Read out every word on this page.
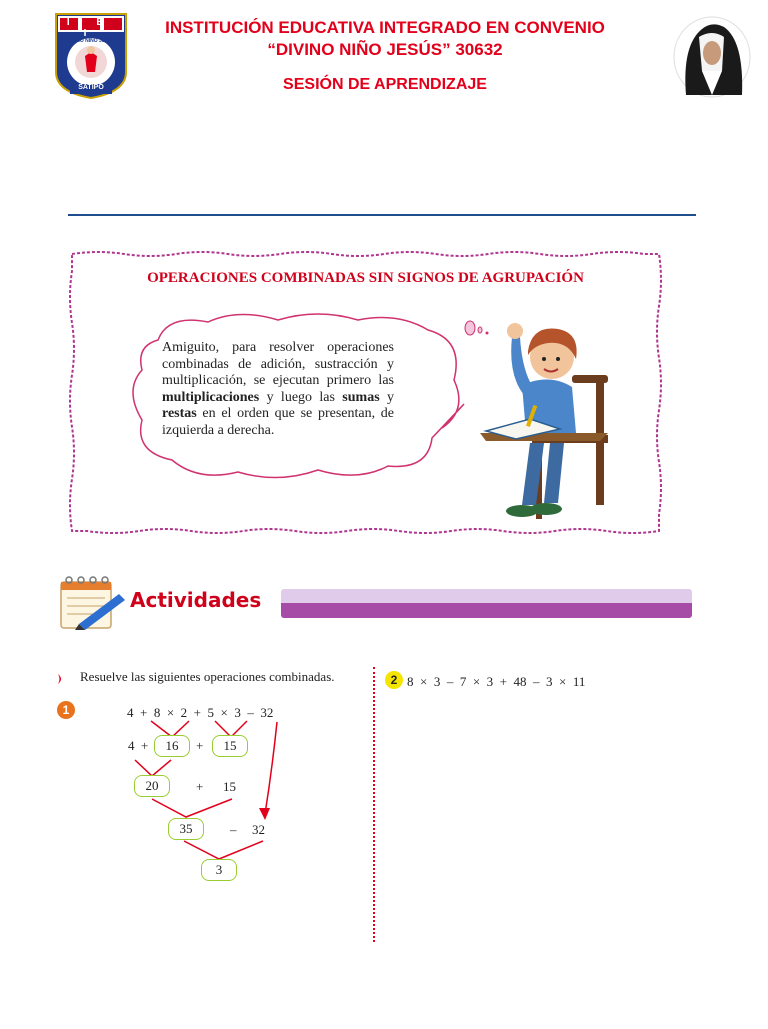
I E I
DIVINO NIÑO JESÚS
SATIPO
INSTITUCIÓN EDUCATIVA INTEGRADO EN CONVENIO
“DIVINO NIÑO JESÚS” 30632
SESIÓN DE APRENDIZAJE
OPERACIONES COMBINADAS SIN SIGNOS DE AGRUPACIÓN
Amiguito, para resolver operaciones combinadas de adición, sustracción y multiplicación, se ejecutan primero las multiplicaciones y luego las sumas y restas en el orden que se presentan, de izquierda a derecha.
Actividades
Resuelve las siguientes operaciones combinadas.
1	4  +  8  ×  2  +  5  ×  3  –  32
4  +	16	+	15
20	+ 15
35	– 32
3
2 8  ×  3  –  7  ×  3  +  48  –  3  ×  11
